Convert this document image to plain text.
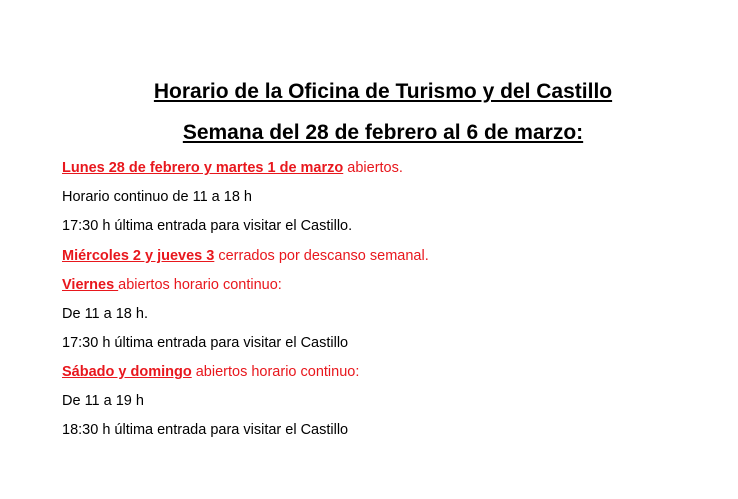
Horario de la Oficina de Turismo y del Castillo
Semana del 28 de febrero al 6 de marzo:
Lunes 28 de febrero y martes 1 de marzo abiertos.
Horario continuo de 11 a 18 h
17:30 h última entrada para visitar el Castillo.
Miércoles 2 y jueves 3 cerrados por descanso semanal.
Viernes abiertos horario continuo:
De 11 a 18 h.
17:30 h última entrada para visitar el Castillo
Sábado y domingo abiertos horario continuo:
De 11 a 19 h
18:30 h última entrada para visitar el Castillo
